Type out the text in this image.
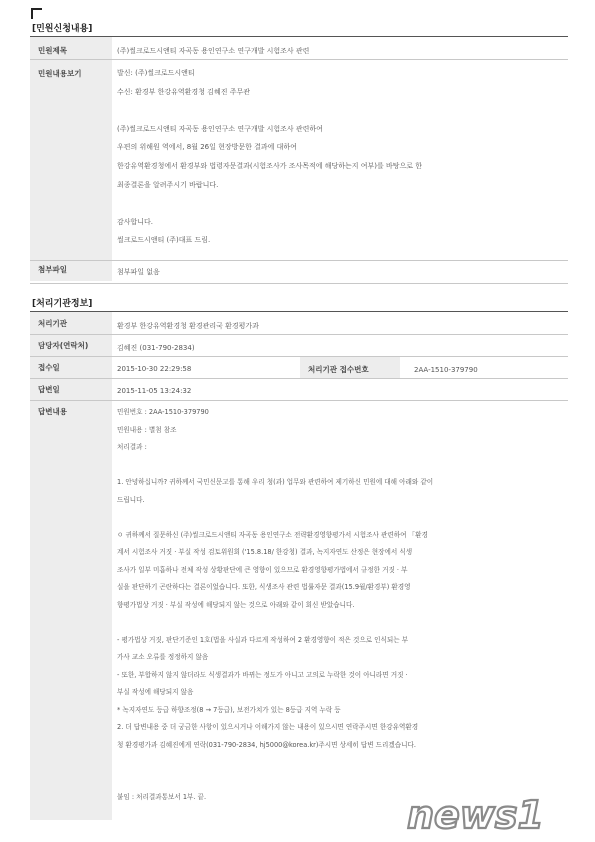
[민원신청내용]
민원제목	(주)씰크로드시앤티 자곡동 용인연구소 연구개발 시험조사 관련
민원내용보기	발신: (주)씰크로드시앤티
수신: 환경부 한강유역환경청 김혜진 주무관
(주)씰크로드시앤티 자곡동 용인연구소 연구개발 시험조사 관련하여
우편의 위해원 역에서, 8월 26일 현장방문한 결과에 대하여
한강유역환경청에서 환경부와 법령자문결과(시험조사가 조사목적에 해당하는지 여부)를 바탕으로 한
최종결론을 알려주시기 바랍니다.
감사합니다.
씰크로드시앤티 (주)대표 드림.
첨부파일	첨부파일 없음
[처리기관정보]
처리기관	환경부 한강유역환경청 환경관리국 환경평가과
담당자(연락처)	김혜진 (031-790-2834)
접수일	2015-10-30 22:29:58	처리기관 접수번호	2AA-1510-379790
답변일	2015-11-05 13:24:32
답변내용	민원번호 : 2AA-1510-379790
민원내용 : 별첨 참조
처리결과 :
1. 안녕하십니까? 귀하께서 국민신문고를 통해 우리 청(과) 업무와 관련하여 제기하신 민원에 대해 아래와 같이
드립니다.
ㅇ 귀하께서 질문하신 (주)씰크로드시앤티 자곡동 용인연구소 전략환경영향평가서 시험조사 관련하여 「환경
계서 시험조사 거짓 · 부실 작성 검토위원회 ('15.8.18/ 한강청) 결과, 녹지자연도 산정은 현장에서 식생
조사가 일부 미흡하나 전체 작성 상황판단에 큰 영향이 있으므로 환경영향평가법에서 규정한 거짓 · 부
실을 판단하기 곤란하다는 결론이었습니다. 또한, 식생조사 관련 법률자문 결과(15.9월/환경부) 환경영
향평가법상 거짓 · 부실 작성에 해당되지 않는 것으로 아래와 같이 회신 받았습니다.
- 평가법상 거짓, 판단기준인 1호(법을 사실과 다르게 작성하여 2 환경영향이 적은 것으로 인식되는 부
가사 교소 오류를 정정하지 않음
- 또한, 부합하지 않지 않더라도 식생결과가 바뀌는 정도가 아니고 고의로 누락한 것이 아니라면 거짓 ·
부실 작성에 해당되지 않음
* 녹지자연도 등급 하향조정(8 → 7등급), 보전가치가 있는 8등급 지역 누락 등
2. 더 답변내용 중 더 궁금한 사항이 있으시거나 이해가지 않는 내용이 있으시면 연락주시면 한강유역환경
청 환경평가과 김혜진에게 연락(031-790-2834, hj5000@korea.kr)주시면 상세히 답변 드리겠습니다.
붙임 : 처리결과통보서 1부. 끝.	news1
